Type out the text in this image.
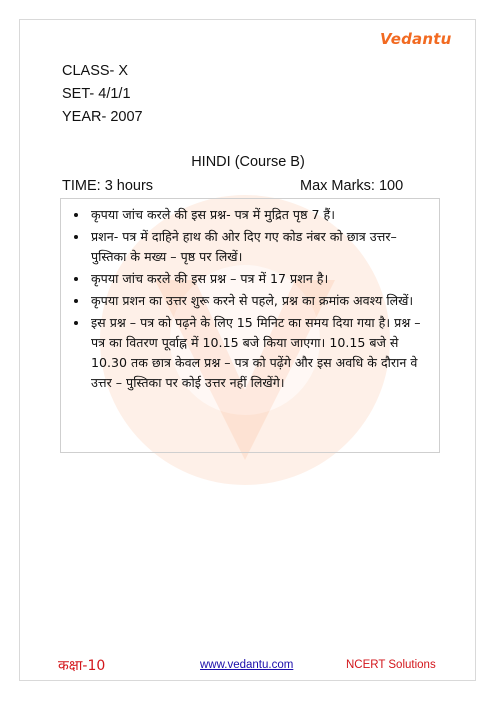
Vedantu
CLASS- X
SET- 4/1/1
YEAR- 2007
HINDI (Course B)
TIME: 3 hours	Max Marks: 100
• कृपया जांच करले की इस प्रश्न- पत्र में मुद्रित पृष्ठ 7 हैं।
• प्रशन- पत्र में दाहिने हाथ की ओर दिए गए कोड नंबर को छात्र उत्तर–पुस्तिका के मख्य – पृष्ठ पर लिखें।
• कृपया जांच करले की इस प्रश्न – पत्र में 17 प्रशन है।
• कृपया प्रशन का उत्तर शुरू करने से पहले, प्रश्न का क्रमांक अवश्य लिखें।
• इस प्रश्न – पत्र को पढ़ने के लिए 15 मिनिट का समय दिया गया है। प्रश्न – पत्र का वितरण पूर्वाह्न में 10.15 बजे किया जाएगा। 10.15 बजे से 10.30 तक छात्र केवल प्रश्न – पत्र को पढ़ेंगे और इस अवधि के दौरान वे उत्तर – पुस्तिका पर कोई उत्तर नहीं लिखेंगे।
कक्षा-10	www.vedantu.com	NCERT Solutions
